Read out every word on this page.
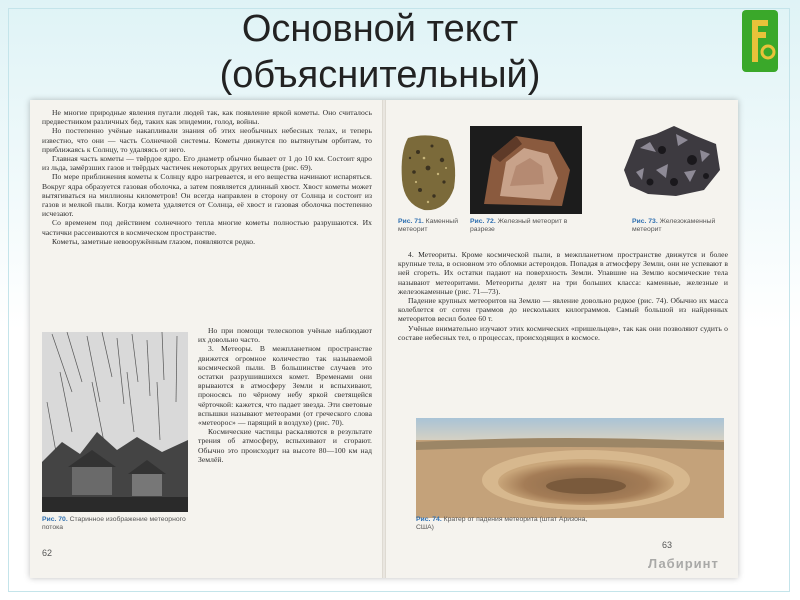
Основной текст
(объяснительный)

Не многие природные явления пугали людей так, как появление яркой кометы. Оно считалось предвестником различных бед, таких как эпидемии, голод, войны.

Но постепенно учёные накапливали знания об этих необычных небесных телах, и теперь известно, что они — часть Солнечной системы. Кометы движутся по вытянутым орбитам, то приближаясь к Солнцу, то удаляясь от него.

Главная часть кометы — твёрдое ядро. Его диаметр обычно бывает от 1 до 10 км. Состоит ядро из льда, замёрзших газов и твёрдых частичек некоторых других веществ (рис. 69).

По мере приближения кометы к Солнцу ядро нагревается, и его вещества начинают испаряться. Вокруг ядра образуется газовая оболочка, а затем появляется длинный хвост. Хвост кометы может вытягиваться на миллионы километров! Он всегда направлен в сторону от Солнца и состоит из газов и мелкой пыли. Когда комета удаляется от Солнца, её хвост и газовая оболочка постепенно исчезают.

Со временем под действием солнечного тепла многие кометы полностью разрушаются. Их частички рассеиваются в космическом пространстве.

Кометы, заметные невооружённым глазом, появляются редко.

Рис. 70. Старинное изображение метеорного потока

Но при помощи телескопов учёные наблюдают их довольно часто.

3. Метеоры. В межпланетном пространстве движется огромное количество так называемой космической пыли. В большинстве случаев это остатки разрушившихся комет. Временами они врываются в атмосферу Земли и вспыхивают, проносясь по чёрному небу яркой светящейся чёрточкой: кажется, что падает звезда. Эти световые вспышки называют метеорами (от греческого слова «метеорос» — парящий в воздухе) (рис. 70).

Космические частицы раскаляются в результате трения об атмосферу, вспыхивают и сгорают. Обычно это происходит на высоте 80—100 км над Землёй.

62
Рис. 71. Каменный метеорит
Рис. 72. Железный метеорит в разрезе
Рис. 73. Железокаменный метеорит

4. Метеориты. Кроме космической пыли, в межпланетном пространстве движутся и более крупные тела, в основном это обломки астероидов. Попадая в атмосферу Земли, они не успевают в ней сгореть. Их остатки падают на поверхность Земли. Упавшие на Землю космические тела называют метеоритами. Метеориты делят на три больших класса: каменные, железные и железокаменные (рис. 71—73).

Падение крупных метеоритов на Землю — явление довольно редкое (рис. 74). Обычно их масса колеблется от сотен граммов до нескольких килограммов. Самый большой из найденных метеоритов весил более 60 т.

Учёные внимательно изучают этих космических «пришельцев», так как они позволяют судить о составе небесных тел, о процессах, происходящих в космосе.

Рис. 74. Кратер от падения метеорита (штат Аризона, США)
63
Лабиринт
